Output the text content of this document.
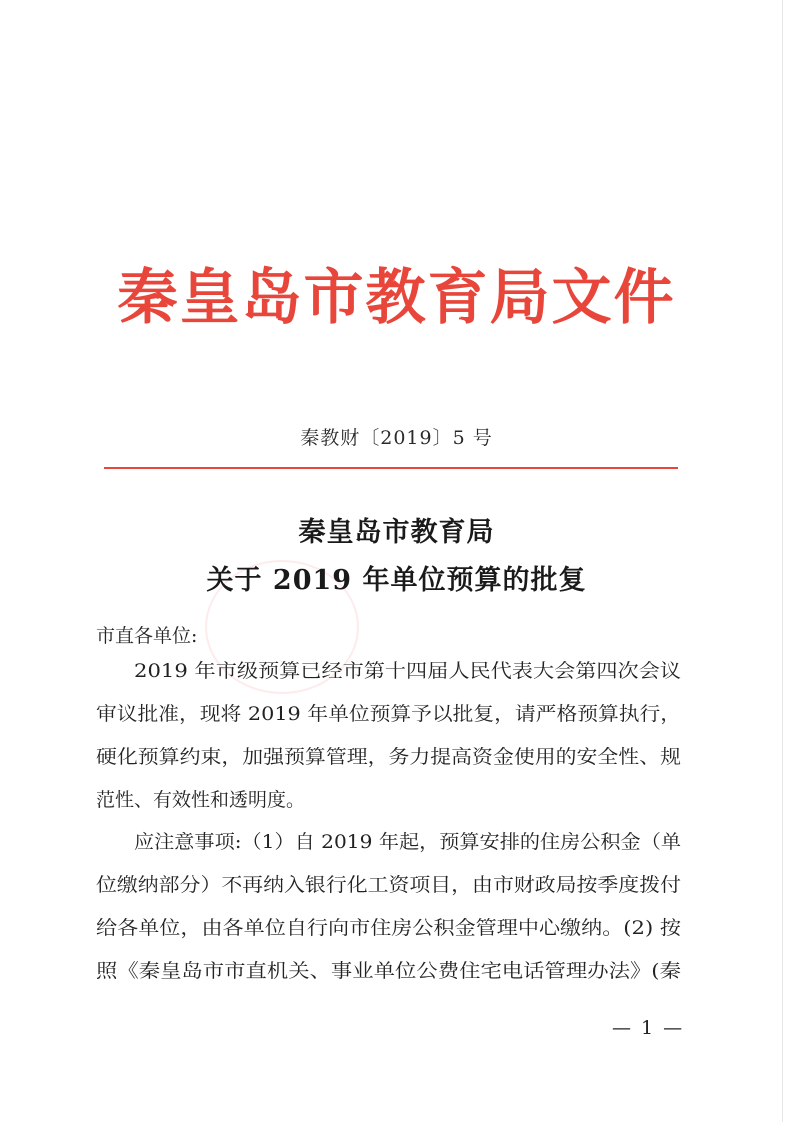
秦皇岛市教育局文件
秦教财〔2019〕5 号
秦皇岛市教育局
关于 2019 年单位预算的批复
市直各单位:
2019 年市级预算已经市第十四届人民代表大会第四次会议
审议批准，现将 2019 年单位预算予以批复，请严格预算执行，
硬化预算约束，加强预算管理，务力提高资金使用的安全性、规
范性、有效性和透明度。
应注意事项:（1）自 2019 年起，预算安排的住房公积金（单
位缴纳部分）不再纳入银行化工资项目，由市财政局按季度拨付
给各单位，由各单位自行向市住房公积金管理中心缴纳。(2) 按
照《秦皇岛市市直机关、事业单位公费住宅电话管理办法》(秦
— 1 —
